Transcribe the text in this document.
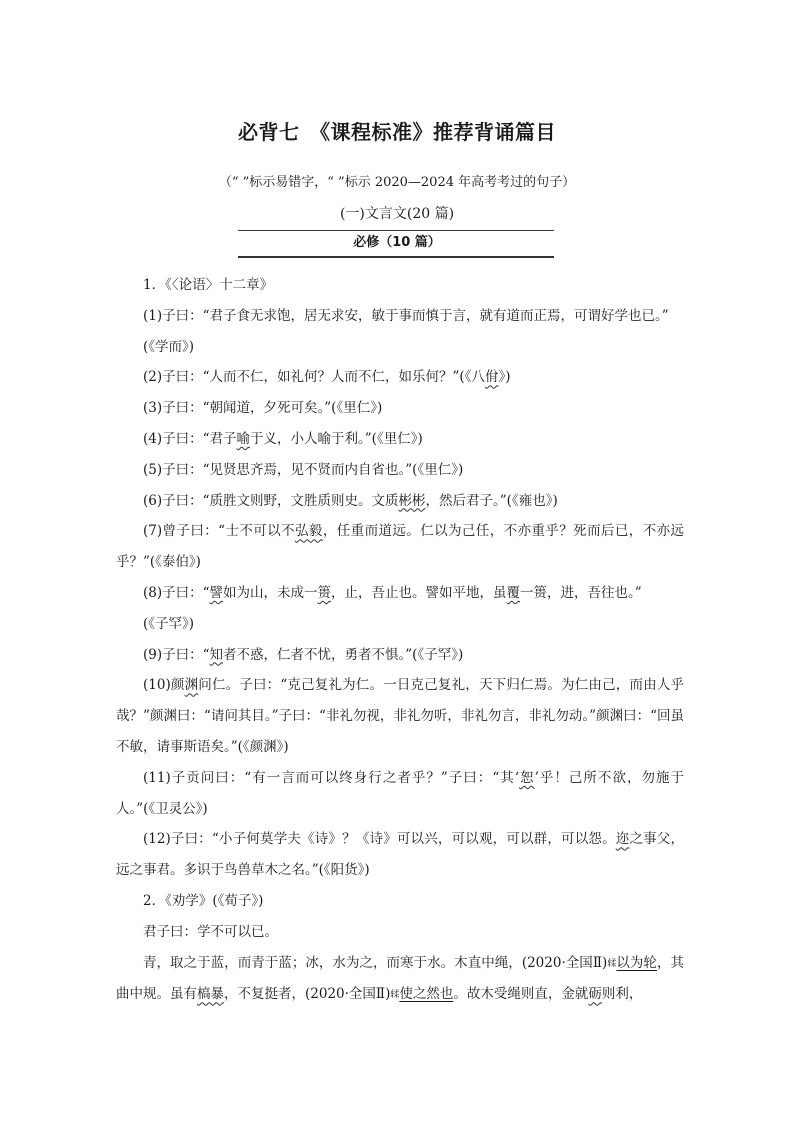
必背七　《课程标准》推荐背诵篇目
（“ ”标示易错字，“ ”标示 2020—2024 年高考考过的句子）
(一)文言文(20 篇)
必修（10 篇）

1．《〈论语〉十二章》

(1)子曰：“君子食无求饱，居无求安，敏于事而慎于言，就有道而正焉，可谓好学也已。”

(《学而》)

(2)子曰：“人而不仁，如礼何？人而不仁，如乐何？”(《八佾》)

(3)子曰：“朝闻道，夕死可矣。”(《里仁》)

(4)子曰：“君子喻于义，小人喻于利。”(《里仁》)

(5)子曰：“见贤思齐焉，见不贤而内自省也。”(《里仁》)

(6)子曰：“质胜文则野，文胜质则史。文质彬彬，然后君子。”(《雍也》)

(7)曾子曰：“士不可以不弘毅，任重而道远。仁以为己任，不亦重乎？死而后已，不亦远乎？”(《泰伯》)

(8)子曰：“譬如为山，未成一篑，止，吾止也。譬如平地，虽覆一篑，进，吾往也。”

(《子罕》)

(9)子曰：“知者不惑，仁者不忧，勇者不惧。”(《子罕》)

(10)颜渊问仁。子曰：“克己复礼为仁。一日克己复礼，天下归仁焉。为仁由己，而由人乎哉？”颜渊曰：“请问其目。”子曰：“非礼勿视，非礼勿听，非礼勿言，非礼勿动。”颜渊曰：“回虽不敏，请事斯语矣。”(《颜渊》)

(11)子贡问曰：“有一言而可以终身行之者乎？”子曰：“其‘恕’乎！己所不欲，勿施于人。”(《卫灵公》)

(12)子曰：“小子何莫学夫《诗》？《诗》可以兴，可以观，可以群，可以怨。迩之事父，远之事君。多识于鸟兽草木之名。”(《阳货》)

2．《劝学》(《荀子》)

君子曰：学不可以已。

青，取之于蓝，而青于蓝；冰，水为之，而寒于水。木直中绳，(2020·全国Ⅱ)𫐓以为轮，其曲中规。虽有槁暴，不复挺者，(2020·全国Ⅱ)𫐓使之然也。故木受绳则直，金就砺则利，
